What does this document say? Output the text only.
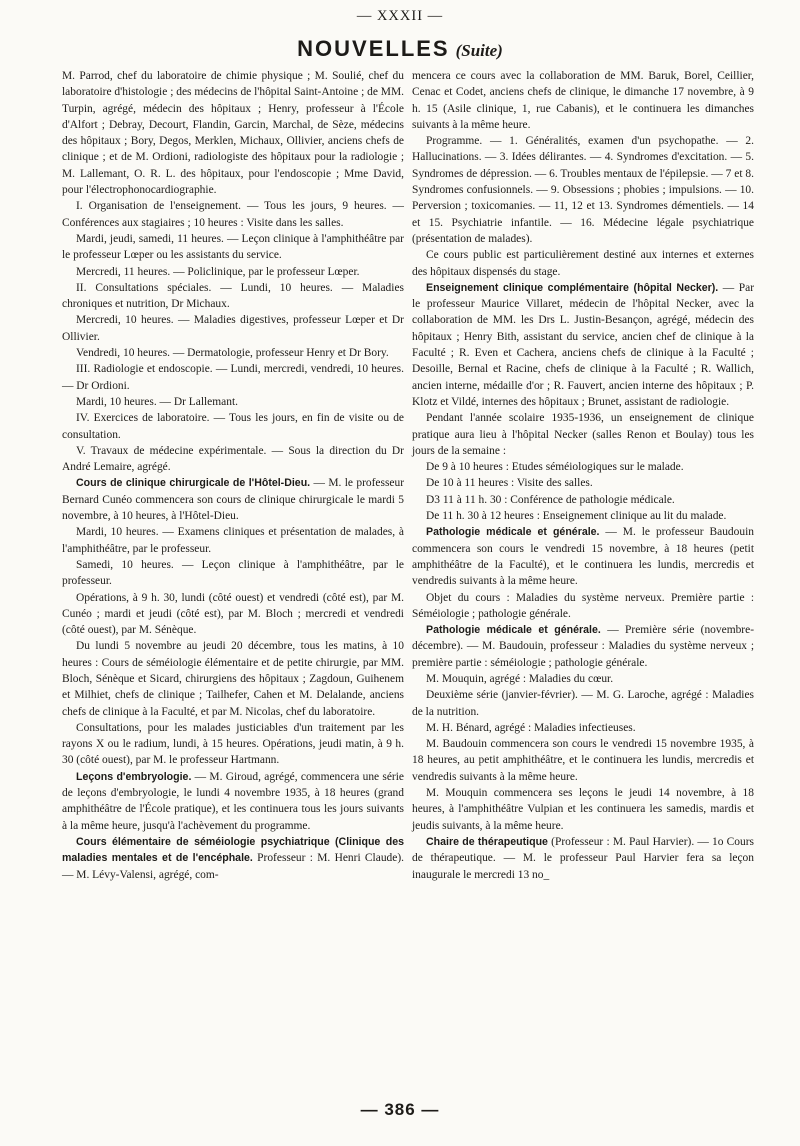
— XXXII —
NOUVELLES (Suite)

M. Parrod, chef du laboratoire de chimie physique ; M. Soulié, chef du laboratoire d'histologie ; des médecins de l'hôpital Saint-Antoine ; de MM. Turpin, agrégé, médecin des hôpitaux ; Henry, professeur à l'École d'Alfort ; Debray, Decourt, Flandin, Garcin, Marchal, de Sèze, médecins des hôpitaux ; Bory, Degos, Merklen, Michaux, Ollivier, anciens chefs de clinique ; et de M. Ordioni, radiologiste des hôpitaux pour la radiologie ; M. Lallemant, O. R. L. des hôpitaux, pour l'endoscopie ; Mme David, pour l'électrophonocardiographie.

I. Organisation de l'enseignement. — Tous les jours, 9 heures. — Conférences aux stagiaires ; 10 heures : Visite dans les salles.

Mardi, jeudi, samedi, 11 heures. — Leçon clinique à l'amphithéâtre par le professeur Lœper ou les assistants du service.

Mercredi, 11 heures. — Policlinique, par le professeur Lœper.

II. Consultations spéciales. — Lundi, 10 heures. — Maladies chroniques et nutrition, Dr Michaux.

Mercredi, 10 heures. — Maladies digestives, professeur Lœper et Dr Ollivier.

Vendredi, 10 heures. — Dermatologie, professeur Henry et Dr Bory.

III. Radiologie et endoscopie. — Lundi, mercredi, vendredi, 10 heures. — Dr Ordioni.

Mardi, 10 heures. — Dr Lallemant.

IV. Exercices de laboratoire. — Tous les jours, en fin de visite ou de consultation.

V. Travaux de médecine expérimentale. — Sous la direction du Dr André Lemaire, agrégé.

Cours de clinique chirurgicale de l'Hôtel-Dieu. — M. le professeur Bernard Cunéo commencera son cours de clinique chirurgicale le mardi 5 novembre, à 10 heures, à l'Hôtel-Dieu.

Mardi, 10 heures. — Examens cliniques et présentation de malades, à l'amphithéâtre, par le professeur.

Samedi, 10 heures. — Leçon clinique à l'amphithéâtre, par le professeur.

Opérations, à 9 h. 30, lundi (côté ouest) et vendredi (côté est), par M. Cunéo ; mardi et jeudi (côté est), par M. Bloch ; mercredi et vendredi (côté ouest), par M. Sénèque.

Du lundi 5 novembre au jeudi 20 décembre, tous les matins, à 10 heures : Cours de séméiologie élémentaire et de petite chirurgie, par MM. Bloch, Sénèque et Sicard, chirurgiens des hôpitaux ; Zagdoun, Guihenem et Milhiet, chefs de clinique ; Tailhefer, Cahen et M. Delalande, anciens chefs de clinique à la Faculté, et par M. Nicolas, chef du laboratoire.

Consultations, pour les malades justiciables d'un traitement par les rayons X ou le radium, lundi, à 15 heures. Opérations, jeudi matin, à 9 h. 30 (côté ouest), par M. le professeur Hartmann.

Leçons d'embryologie. — M. Giroud, agrégé, commencera une série de leçons d'embryologie, le lundi 4 novembre 1935, à 18 heures (grand amphithéâtre de l'École pratique), et les continuera tous les jours suivants à la même heure, jusqu'à l'achèvement du programme.

Cours élémentaire de séméiologie psychiatrique (Clinique des maladies mentales et de l'encéphale. Professeur : M. Henri Claude). — M. Lévy-Valensi, agrégé, com-

mencera ce cours avec la collaboration de MM. Baruk, Borel, Ceillier, Cenac et Codet, anciens chefs de clinique, le dimanche 17 novembre, à 9 h. 15 (Asile clinique, 1, rue Cabanis), et le continuera les dimanches suivants à la même heure.

Programme. — 1. Généralités, examen d'un psychopathe. — 2. Hallucinations. — 3. Idées délirantes. — 4. Syndromes d'excitation. — 5. Syndromes de dépression. — 6. Troubles mentaux de l'épilepsie. — 7 et 8. Syndromes confusionnels. — 9. Obsessions ; phobies ; impulsions. — 10. Perversion ; toxicomanies. — 11, 12 et 13. Syndromes démentiels. — 14 et 15. Psychiatrie infantile. — 16. Médecine légale psychiatrique (présentation de malades).

Ce cours public est particulièrement destiné aux internes et externes des hôpitaux dispensés du stage.

Enseignement clinique complémentaire (hôpital Necker). — Par le professeur Maurice Villaret, médecin de l'hôpital Necker, avec la collaboration de MM. les Drs L. Justin-Besançon, agrégé, médecin des hôpitaux ; Henry Bith, assistant du service, ancien chef de clinique à la Faculté ; R. Even et Cachera, anciens chefs de clinique à la Faculté ; Desoille, Bernal et Racine, chefs de clinique à la Faculté ; R. Wallich, ancien interne, médaille d'or ; R. Fauvert, ancien interne des hôpitaux ; P. Klotz et Vildé, internes des hôpitaux ; Brunet, assistant de radiologie.

Pendant l'année scolaire 1935-1936, un enseignement de clinique pratique aura lieu à l'hôpital Necker (salles Renon et Boulay) tous les jours de la semaine :

De 9 à 10 heures : Etudes séméiologiques sur le malade.

De 10 à 11 heures : Visite des salles.

D3 11 à 11 h. 30 : Conférence de pathologie médicale.

De 11 h. 30 à 12 heures : Enseignement clinique au lit du malade.

Pathologie médicale et générale. — M. le professeur Baudouin commencera son cours le vendredi 15 novembre, à 18 heures (petit amphithéâtre de la Faculté), et le continuera les lundis, mercredis et vendredis suivants à la même heure.

Objet du cours : Maladies du système nerveux. Première partie : Séméiologie ; pathologie générale.

Pathologie médicale et générale. — Première série (novembre-décembre). — M. Baudouin, professeur : Maladies du système nerveux ; première partie : séméiologie ; pathologie générale.

M. Mouquin, agrégé : Maladies du cœur.

Deuxième série (janvier-février). — M. G. Laroche, agrégé : Maladies de la nutrition.

M. H. Bénard, agrégé : Maladies infectieuses.

M. Baudouin commencera son cours le vendredi 15 novembre 1935, à 18 heures, au petit amphithéâtre, et le continuera les lundis, mercredis et vendredis suivants à la même heure.

M. Mouquin commencera ses leçons le jeudi 14 novembre, à 18 heures, à l'amphithéâtre Vulpian et les continuera les samedis, mardis et jeudis suivants, à la même heure.

Chaire de thérapeutique (Professeur : M. Paul Harvier). — 1o Cours de thérapeutique. — M. le professeur Paul Harvier fera sa leçon inaugurale le mercredi 13 no_

— 386 —
